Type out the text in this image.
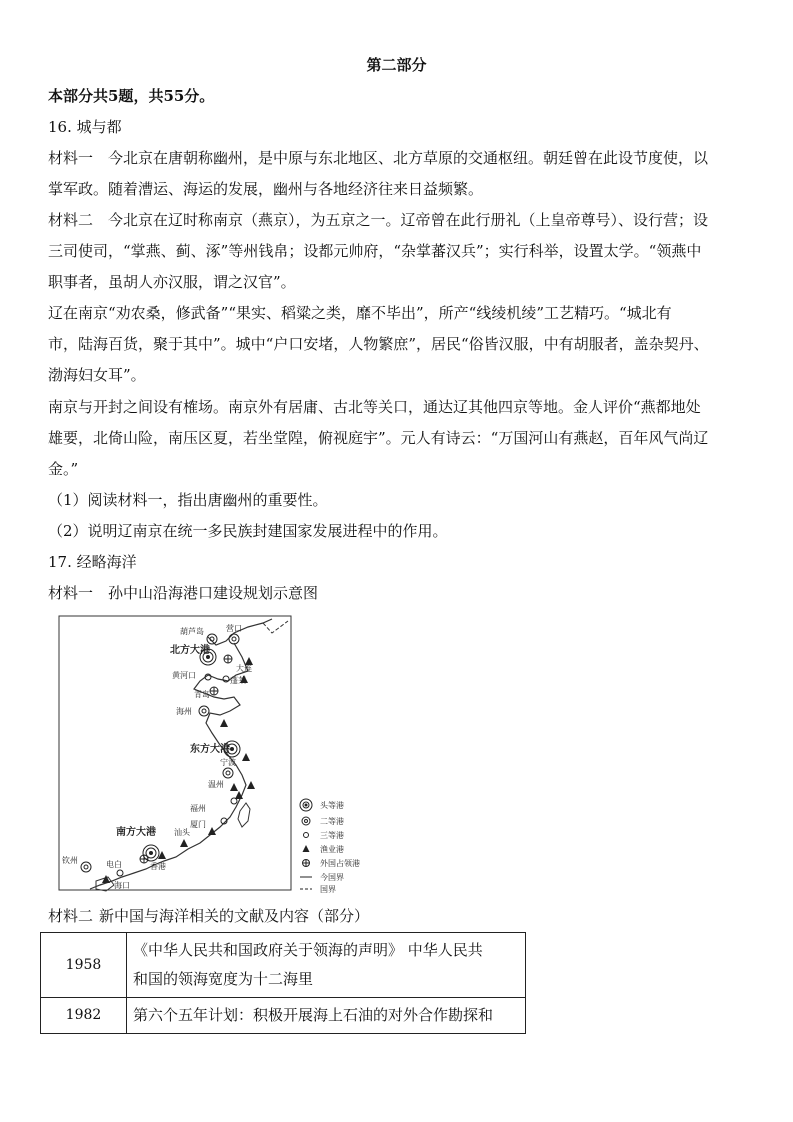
第二部分
本部分共5题，共55分。
16. 城与都
材料一 今北京在唐朝称幽州，是中原与东北地区、北方草原的交通枢纽。朝廷曾在此设节度使，以
掌军政。随着漕运、海运的发展，幽州与各地经济往来日益频繁。
材料二 今北京在辽时称南京（燕京），为五京之一。辽帝曾在此行册礼（上皇帝尊号）、设行营；设
三司使司，“掌燕、蓟、涿”等州钱帛；设都元帅府，“杂掌蕃汉兵”；实行科举，设置太学。“领燕中
职事者，虽胡人亦汉服，谓之汉官”。
辽在南京“劝农桑，修武备”“果实、稻粱之类，靡不毕出”，所产“线绫机绫”工艺精巧。“城北有
市，陆海百货，聚于其中”。城中“户口安堵，人物繁庶”，居民“俗皆汉服，中有胡服者，盖杂契丹、
渤海妇女耳”。
南京与开封之间设有榷场。南京外有居庸、古北等关口，通达辽其他四京等地。金人评价“燕都地处
雄要，北倚山险，南压区夏，若坐堂隍，俯视庭宇”。元人有诗云：“万国河山有燕赵，百年风气尚辽
金。”
（1）阅读材料一，指出唐幽州的重要性。
（2）说明辽南京在统一多民族封建国家发展进程中的作用。
17. 经略海洋
材料一 孙中山沿海港口建设规划示意图
葫芦岛	营口
北方大港
大连
黄河口
蓬莱
青岛
海州
东方大港
宁波
温州
福州
厦门
南方大港 汕头
钦州	电白	香港
海口
头等港
二等港
三等港
渔业港
外国占领港
今国界
国界
材料二 新中国与海洋相关的文献及内容（部分）
1958	《中华人民共和国政府关于领海的声明》 中华人民共
和国的领海宽度为十二海里
1982	第六个五年计划：积极开展海上石油的对外合作勘探和
